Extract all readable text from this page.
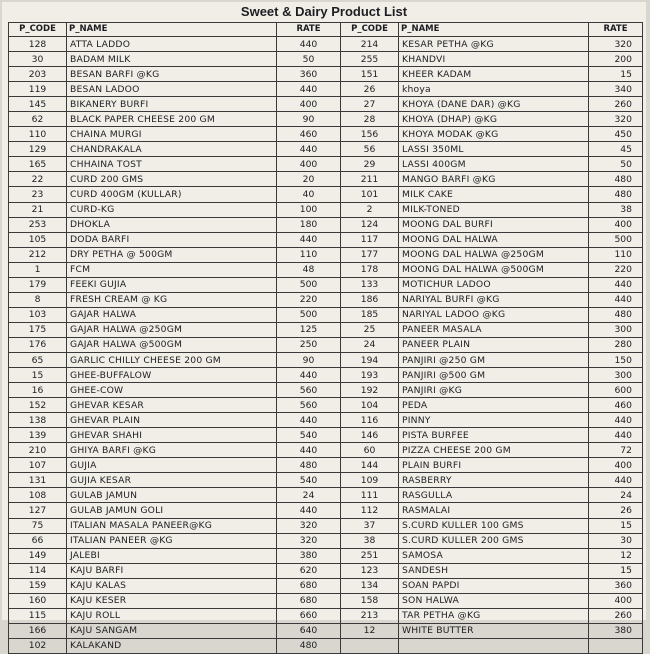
Sweet & Dairy Product List
P_CODE	P_NAME	RATE	P_CODE	P_NAME	RATE
128	ATTA LADDO	440	214	KESAR PETHA @KG	320
30	BADAM MILK	50	255	KHANDVI	200
203	BESAN BARFI @KG	360	151	KHEER KADAM	15
119	BESAN LADOO	440	26	khoya	340
145	BIKANERY BURFI	400	27	KHOYA (DANE DAR) @KG	260
62	BLACK PAPER CHEESE 200 GM	90	28	KHOYA (DHAP) @KG	320
110	CHAINA MURGI	460	156	KHOYA MODAK @KG	450
129	CHANDRAKALA	440	56	LASSI 350ML	45
165	CHHAINA TOST	400	29	LASSI 400GM	50
22	CURD 200 GMS	20	211	MANGO BARFI @KG	480
23	CURD 400GM (KULLAR)	40	101	MILK CAKE	480
21	CURD-KG	100	2	MILK-TONED	38
253	DHOKLA	180	124	MOONG DAL BURFI	400
105	DODA BARFI	440	117	MOONG DAL HALWA	500
212	DRY PETHA @ 500GM	110	177	MOONG DAL HALWA @250GM	110
1	FCM	48	178	MOONG DAL HALWA @500GM	220
179	FEEKI GUJIA	500	133	MOTICHUR LADOO	440
8	FRESH CREAM @ KG	220	186	NARIYAL BURFI @KG	440
103	GAJAR HALWA	500	185	NARIYAL LADOO @KG	480
175	GAJAR HALWA @250GM	125	25	PANEER MASALA	300
176	GAJAR HALWA @500GM	250	24	PANEER PLAIN	280
65	GARLIC CHILLY CHEESE 200 GM	90	194	PANJIRI @250 GM	150
15	GHEE-BUFFALOW	440	193	PANJIRI @500 GM	300
16	GHEE-COW	560	192	PANJIRI @KG	600
152	GHEVAR KESAR	560	104	PEDA	460
138	GHEVAR PLAIN	440	116	PINNY	440
139	GHEVAR SHAHI	540	146	PISTA BURFEE	440
210	GHIYA BARFI @KG	440	60	PIZZA CHEESE 200 GM	72
107	GUJIA	480	144	PLAIN BURFI	400
131	GUJIA KESAR	540	109	RASBERRY	440
108	GULAB JAMUN	24	111	RASGULLA	24
127	GULAB JAMUN GOLI	440	112	RASMALAI	26
75	ITALIAN MASALA PANEER@KG	320	37	S.CURD KULLER 100 GMS	15
66	ITALIAN PANEER @KG	320	38	S.CURD KULLER 200 GMS	30
149	JALEBI	380	251	SAMOSA	12
114	KAJU BARFI	620	123	SANDESH	15
159	KAJU KALAS	680	134	SOAN PAPDI	360
160	KAJU KESER	680	158	SON HALWA	400
115	KAJU ROLL	660	213	TAR PETHA @KG	260
166	KAJU SANGAM	640	12	WHITE BUTTER	380
102	KALAKAND	480			
